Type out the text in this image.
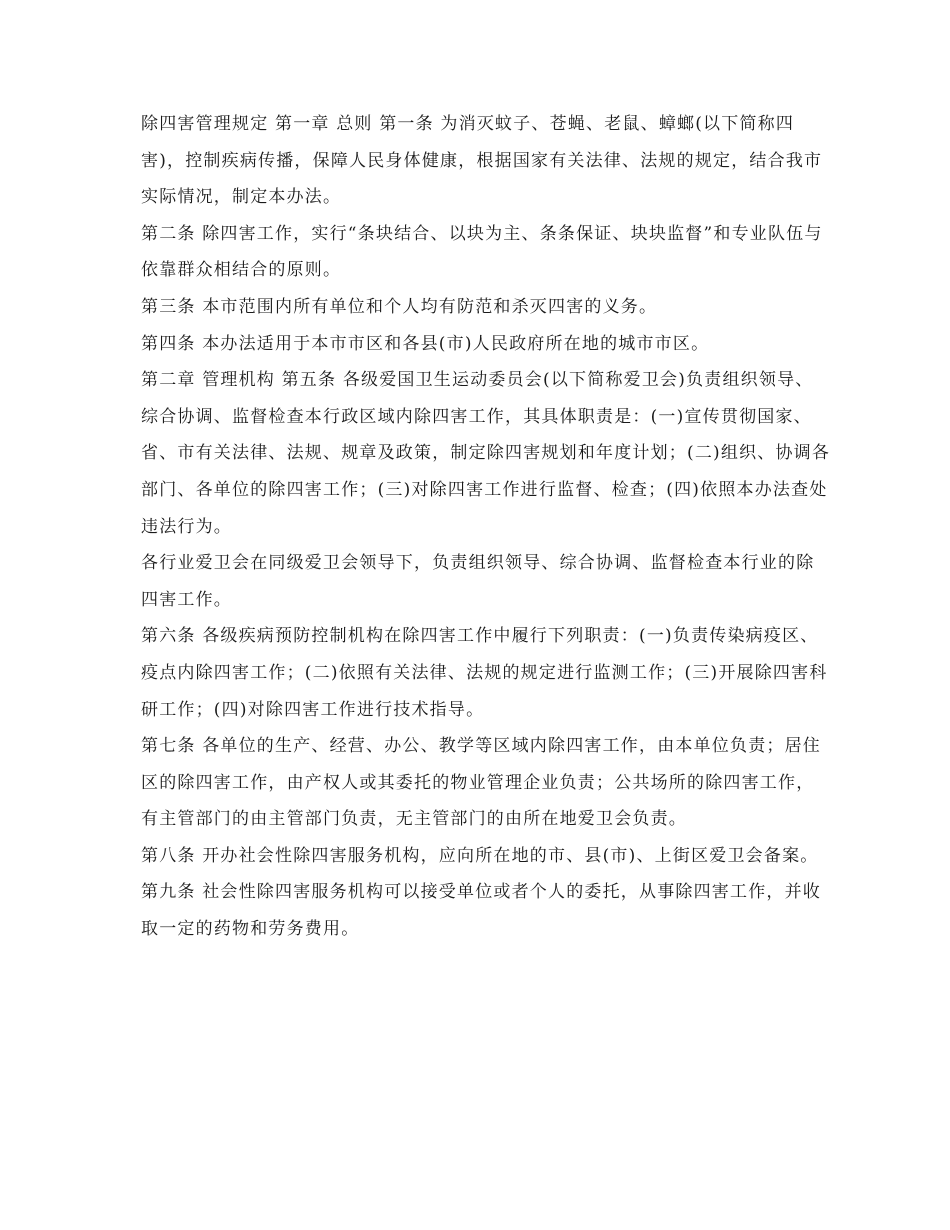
除四害管理规定 第一章 总则 第一条 为消灭蚊子、苍蝇、老鼠、蟑螂(以下简称四害)，控制疾病传播，保障人民身体健康，根据国家有关法律、法规的规定，结合我市实际情况，制定本办法。

第二条 除四害工作，实行“条块结合、以块为主、条条保证、块块监督”和专业队伍与依靠群众相结合的原则。

第三条 本市范围内所有单位和个人均有防范和杀灭四害的义务。

第四条 本办法适用于本市市区和各县(市)人民政府所在地的城市市区。

第二章 管理机构 第五条 各级爱国卫生运动委员会(以下简称爱卫会)负责组织领导、综合协调、监督检查本行政区域内除四害工作，其具体职责是：(一)宣传贯彻国家、省、市有关法律、法规、规章及政策，制定除四害规划和年度计划；(二)组织、协调各部门、各单位的除四害工作；(三)对除四害工作进行监督、检查；(四)依照本办法查处违法行为。

各行业爱卫会在同级爱卫会领导下，负责组织领导、综合协调、监督检查本行业的除四害工作。

第六条 各级疾病预防控制机构在除四害工作中履行下列职责：(一)负责传染病疫区、疫点内除四害工作；(二)依照有关法律、法规的规定进行监测工作；(三)开展除四害科研工作；(四)对除四害工作进行技术指导。

第七条 各单位的生产、经营、办公、教学等区域内除四害工作，由本单位负责；居住区的除四害工作，由产权人或其委托的物业管理企业负责；公共场所的除四害工作，有主管部门的由主管部门负责，无主管部门的由所在地爱卫会负责。

第八条 开办社会性除四害服务机构，应向所在地的市、县(市)、上街区爱卫会备案。

第九条 社会性除四害服务机构可以接受单位或者个人的委托，从事除四害工作，并收取一定的药物和劳务费用。
